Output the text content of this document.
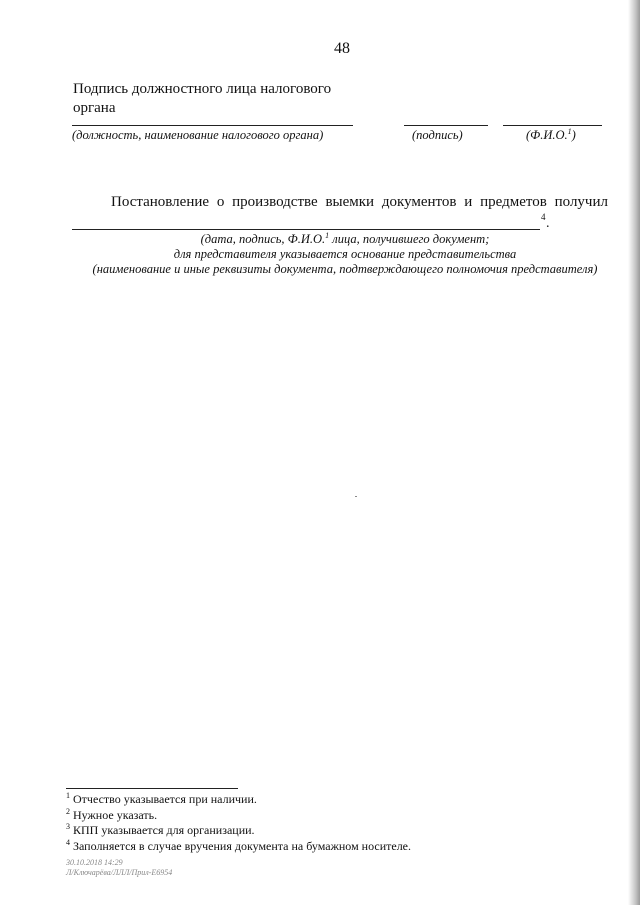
48
Подпись должностного лица налогового органа
(должность, наименование налогового органа)	(подпись)	(Ф.И.О.$^1$)
Постановление о производстве выемки документов и предметов получил
4 .
(дата, подпись, Ф.И.О.$^1$ лица, получившего документ;
для представителя указывается основание представительства
(наименование и иные реквизиты документа, подтверждающего полномочия представителя)
$^1$ Отчество указывается при наличии.
$^2$ Нужное указать.
$^3$ КПП указывается для организации.
$^4$ Заполняется в случае вручения документа на бумажном носителе.
30.10.2018 14:29
Л/Ключарёва/ЛЛЛ/Прил-E6954
